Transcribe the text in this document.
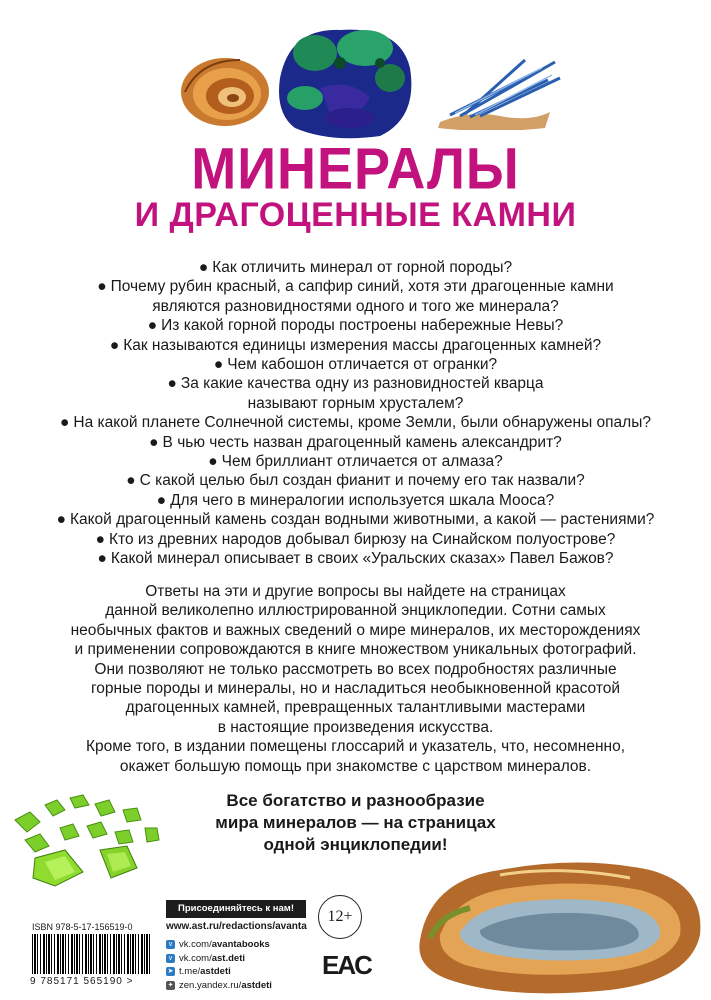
МИНЕРАЛЫ
И ДРАГОЦЕННЫЕ КАМНИ
● Как отличить минерал от горной породы?
● Почему рубин красный, а сапфир синий, хотя эти драгоценные камни
являются разновидностями одного и того же минерала?
● Из какой горной породы построены набережные Невы?
● Как называются единицы измерения массы драгоценных камней?
● Чем кабошон отличается от огранки?
● За какие качества одну из разновидностей кварца
называют горным хрусталем?
● На какой планете Солнечной системы, кроме Земли, были обнаружены опалы?
● В чью честь назван драгоценный камень александрит?
● Чем бриллиант отличается от алмаза?
● С какой целью был создан фианит и почему его так назвали?
● Для чего в минералогии используется шкала Мооса?
● Какой драгоценный камень создан водными животными, а какой — растениями?
● Кто из древних народов добывал бирюзу на Синайском полуострове?
● Какой минерал описывает в своих «Уральских сказах» Павел Бажов?

Ответы на эти и другие вопросы вы найдете на страницах

данной великолепно иллюстрированной энциклопедии. Сотни самых

необычных фактов и важных сведений о мире минералов, их месторождениях

и применении сопровождаются в книге множеством уникальных фотографий.

Они позволяют не только рассмотреть во всех подробностях различные

горные породы и минералы, но и насладиться необыкновенной красотой

драгоценных камней, превращенных талантливыми мастерами

в настоящие произведения искусства.

Кроме того, в издании помещены глоссарий и указатель, что, несомненно,

окажет большую помощь при знакомстве с царством минералов.

Все богатство и разнообразие

мира минералов — на страницах

одной энциклопедии!

ISBN 978-5-17-156519-0
9 785171 565190 >
Присоединяйтесь к нам!
www.ast.ru/redactions/avanta
v vk.com/ avantabooks
v vk.com/ ast.deti
➤ t.me/ astdeti
✦ zen.yandex.ru/ astdeti
12+
EAC
